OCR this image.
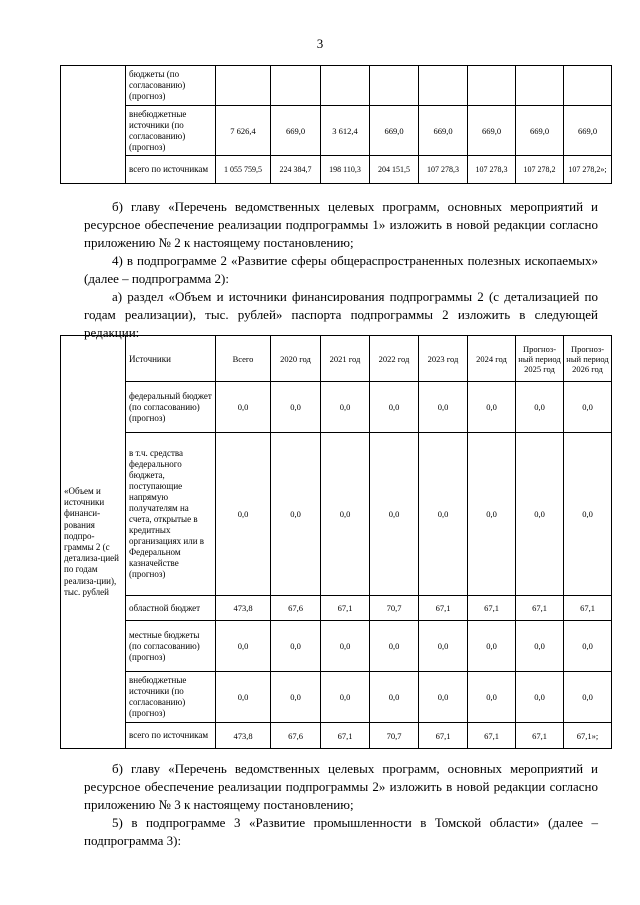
3
	бюджеты (по согласованию) (прогноз)								
	внебюджетные источники (по согласованию) (прогноз)	7 626,4	669,0	3 612,4	669,0	669,0	669,0	669,0	669,0
	всего по источникам	1 055 759,5	224 384,7	198 110,3	204 151,5	107 278,3	107 278,3	107 278,2	107 278,2»;
б) главу «Перечень ведомственных целевых программ, основных мероприятий и ресурсное обеспечение реализации подпрограммы 1» изложить в новой редакции согласно приложению № 2 к настоящему постановлению;
4) в подпрограмме 2 «Развитие сферы общераспространенных полезных ископаемых» (далее – подпрограмма 2):
а) раздел «Объем и источники финансирования подпрограммы 2 (с детализацией по годам реализации), тыс. рублей» паспорта подпрограммы 2 изложить в следующей редакции:
«Объем и источники финанси-рования подпро-граммы 2 (с детализа-цией по годам реализа-ции), тыс. рублей	Источники	Всего	2020 год	2021 год	2022 год	2023 год	2024 год	Прогноз-ный период 2025 год	Прогноз-ный период 2026 год
	федеральный бюджет (по согласованию) (прогноз)	0,0	0,0	0,0	0,0	0,0	0,0	0,0	0,0
	в т.ч. средства федерального бюджета, поступающие напрямую получателям на счета, открытые в кредитных организациях или в Федеральном казначействе (прогноз)	0,0	0,0	0,0	0,0	0,0	0,0	0,0	0,0
	областной бюджет	473,8	67,6	67,1	70,7	67,1	67,1	67,1	67,1
	местные бюджеты (по согласованию) (прогноз)	0,0	0,0	0,0	0,0	0,0	0,0	0,0	0,0
	внебюджетные источники (по согласованию) (прогноз)	0,0	0,0	0,0	0,0	0,0	0,0	0,0	0,0
	всего по источникам	473,8	67,6	67,1	70,7	67,1	67,1	67,1	67,1»;
б) главу «Перечень ведомственных целевых программ, основных мероприятий и ресурсное обеспечение реализации подпрограммы 2» изложить в новой редакции согласно приложению № 3 к настоящему постановлению;
5) в подпрограмме 3 «Развитие промышленности в Томской области» (далее – подпрограмма 3):
